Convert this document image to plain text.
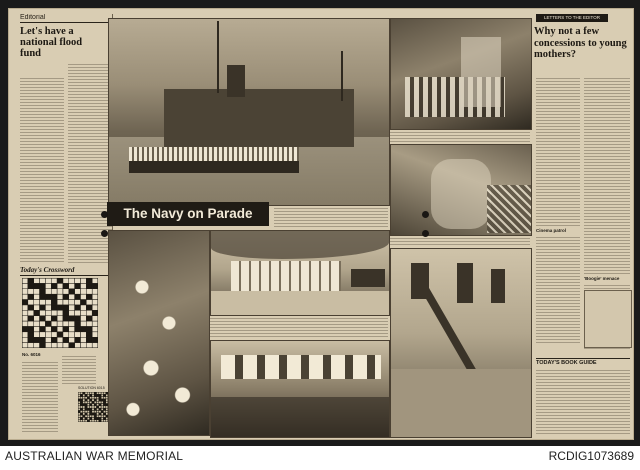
Editorial
Let's have a national flood fund
Today's Crossword
No. 6016
SOLUTION 6015
The Navy on Parade
LETTERS TO THE EDITOR
Why not a few concessions to young mothers?
Cinema patrol
'Boogie' menace
TODAY'S BOOK GUIDE
AUSTRALIAN WAR MEMORIAL	RCDIG1073689
